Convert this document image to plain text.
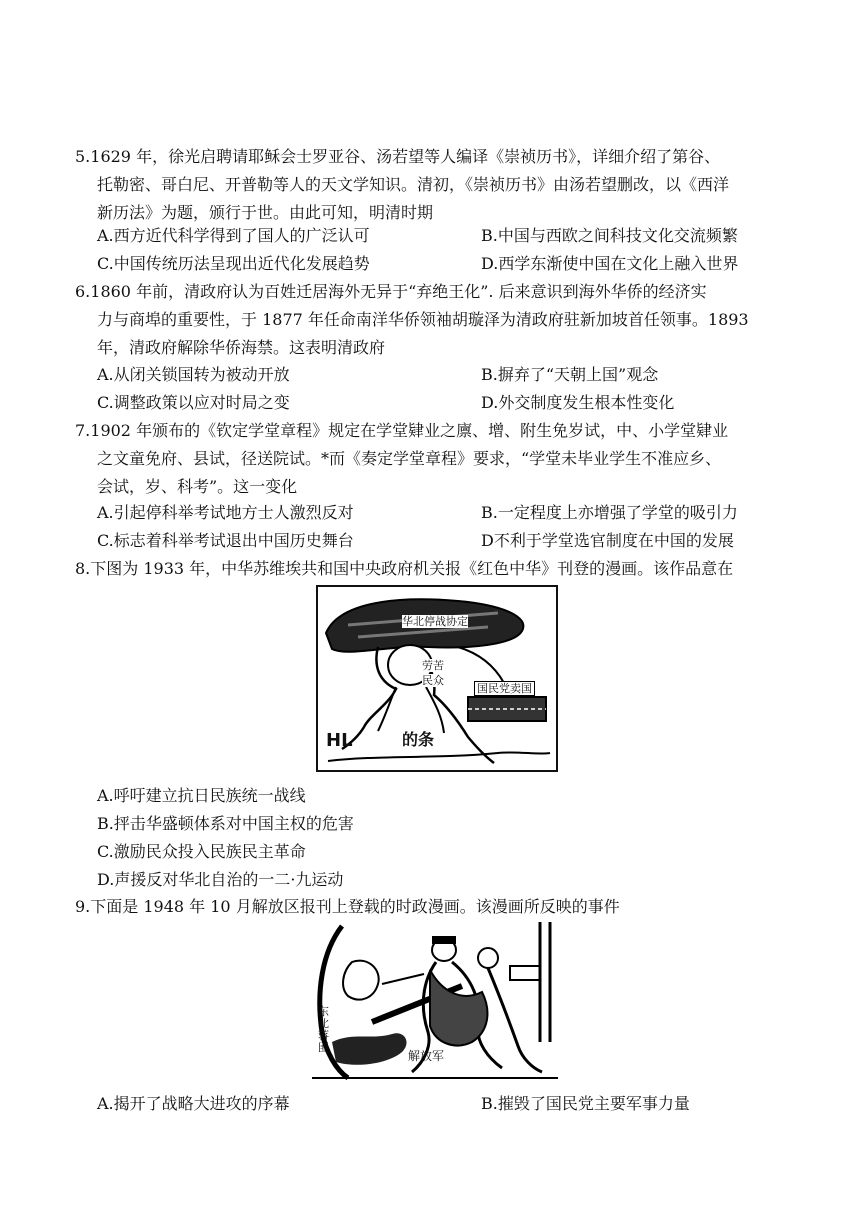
5.1629 年，徐光启聘请耶稣会士罗亚谷、汤若望等人编译《崇祯历书》，详细介绍了第谷、
托勒密、哥白尼、开普勒等人的天文学知识。清初，《崇祯历书》由汤若望删改，以《西洋
新历法》为题，颁行于世。由此可知，明清时期
A.西方近代科学得到了国人的广泛认可	B.中国与西欧之间科技文化交流频繁
C.中国传统历法呈现出近代化发展趋势	D.西学东渐使中国在文化上融入世界
6.1860 年前，清政府认为百姓迁居海外无异于“弃绝王化”. 后来意识到海外华侨的经济实
力与商埠的重要性，于 1877 年任命南洋华侨领袖胡璇泽为清政府驻新加坡首任领事。1893
年，清政府解除华侨海禁。这表明清政府
A.从闭关锁国转为被动开放	B.摒弃了“天朝上国”观念
C.调整政策以应对时局之变	D.外交制度发生根本性变化
7.1902 年颁布的《钦定学堂章程》规定在学堂肄业之廪、增、附生免岁试，中、小学堂肄业
之文童免府、县试，径送院试。*而《奏定学堂章程》要求，“学堂未毕业学生不准应乡、
会试，岁、科考”。这一变化
A.引起停科举考试地方士人激烈反对	B.一定程度上亦增强了学堂的吸引力
C.标志着科举考试退出中国历史舞台	D不利于学堂选官制度在中国的发展
8.下图为 1933 年，中华苏维埃共和国中央政府机关报《红色中华》刊登的漫画。该作品意在
华北停战协定
劳苦
民众
国民党卖国
HL	的条
A.呼吁建立抗日民族统一战线
B.抨击华盛顿体系对中国主权的危害
C.激励民众投入民族民主革命
D.声援反对华北自治的一二·九运动
9.下面是 1948 年 10 月解放区报刊上登载的时政漫画。该漫画所反映的事件
东北蒋匪
解放军
A.揭开了战略大进攻的序幕	B.摧毁了国民党主要军事力量
